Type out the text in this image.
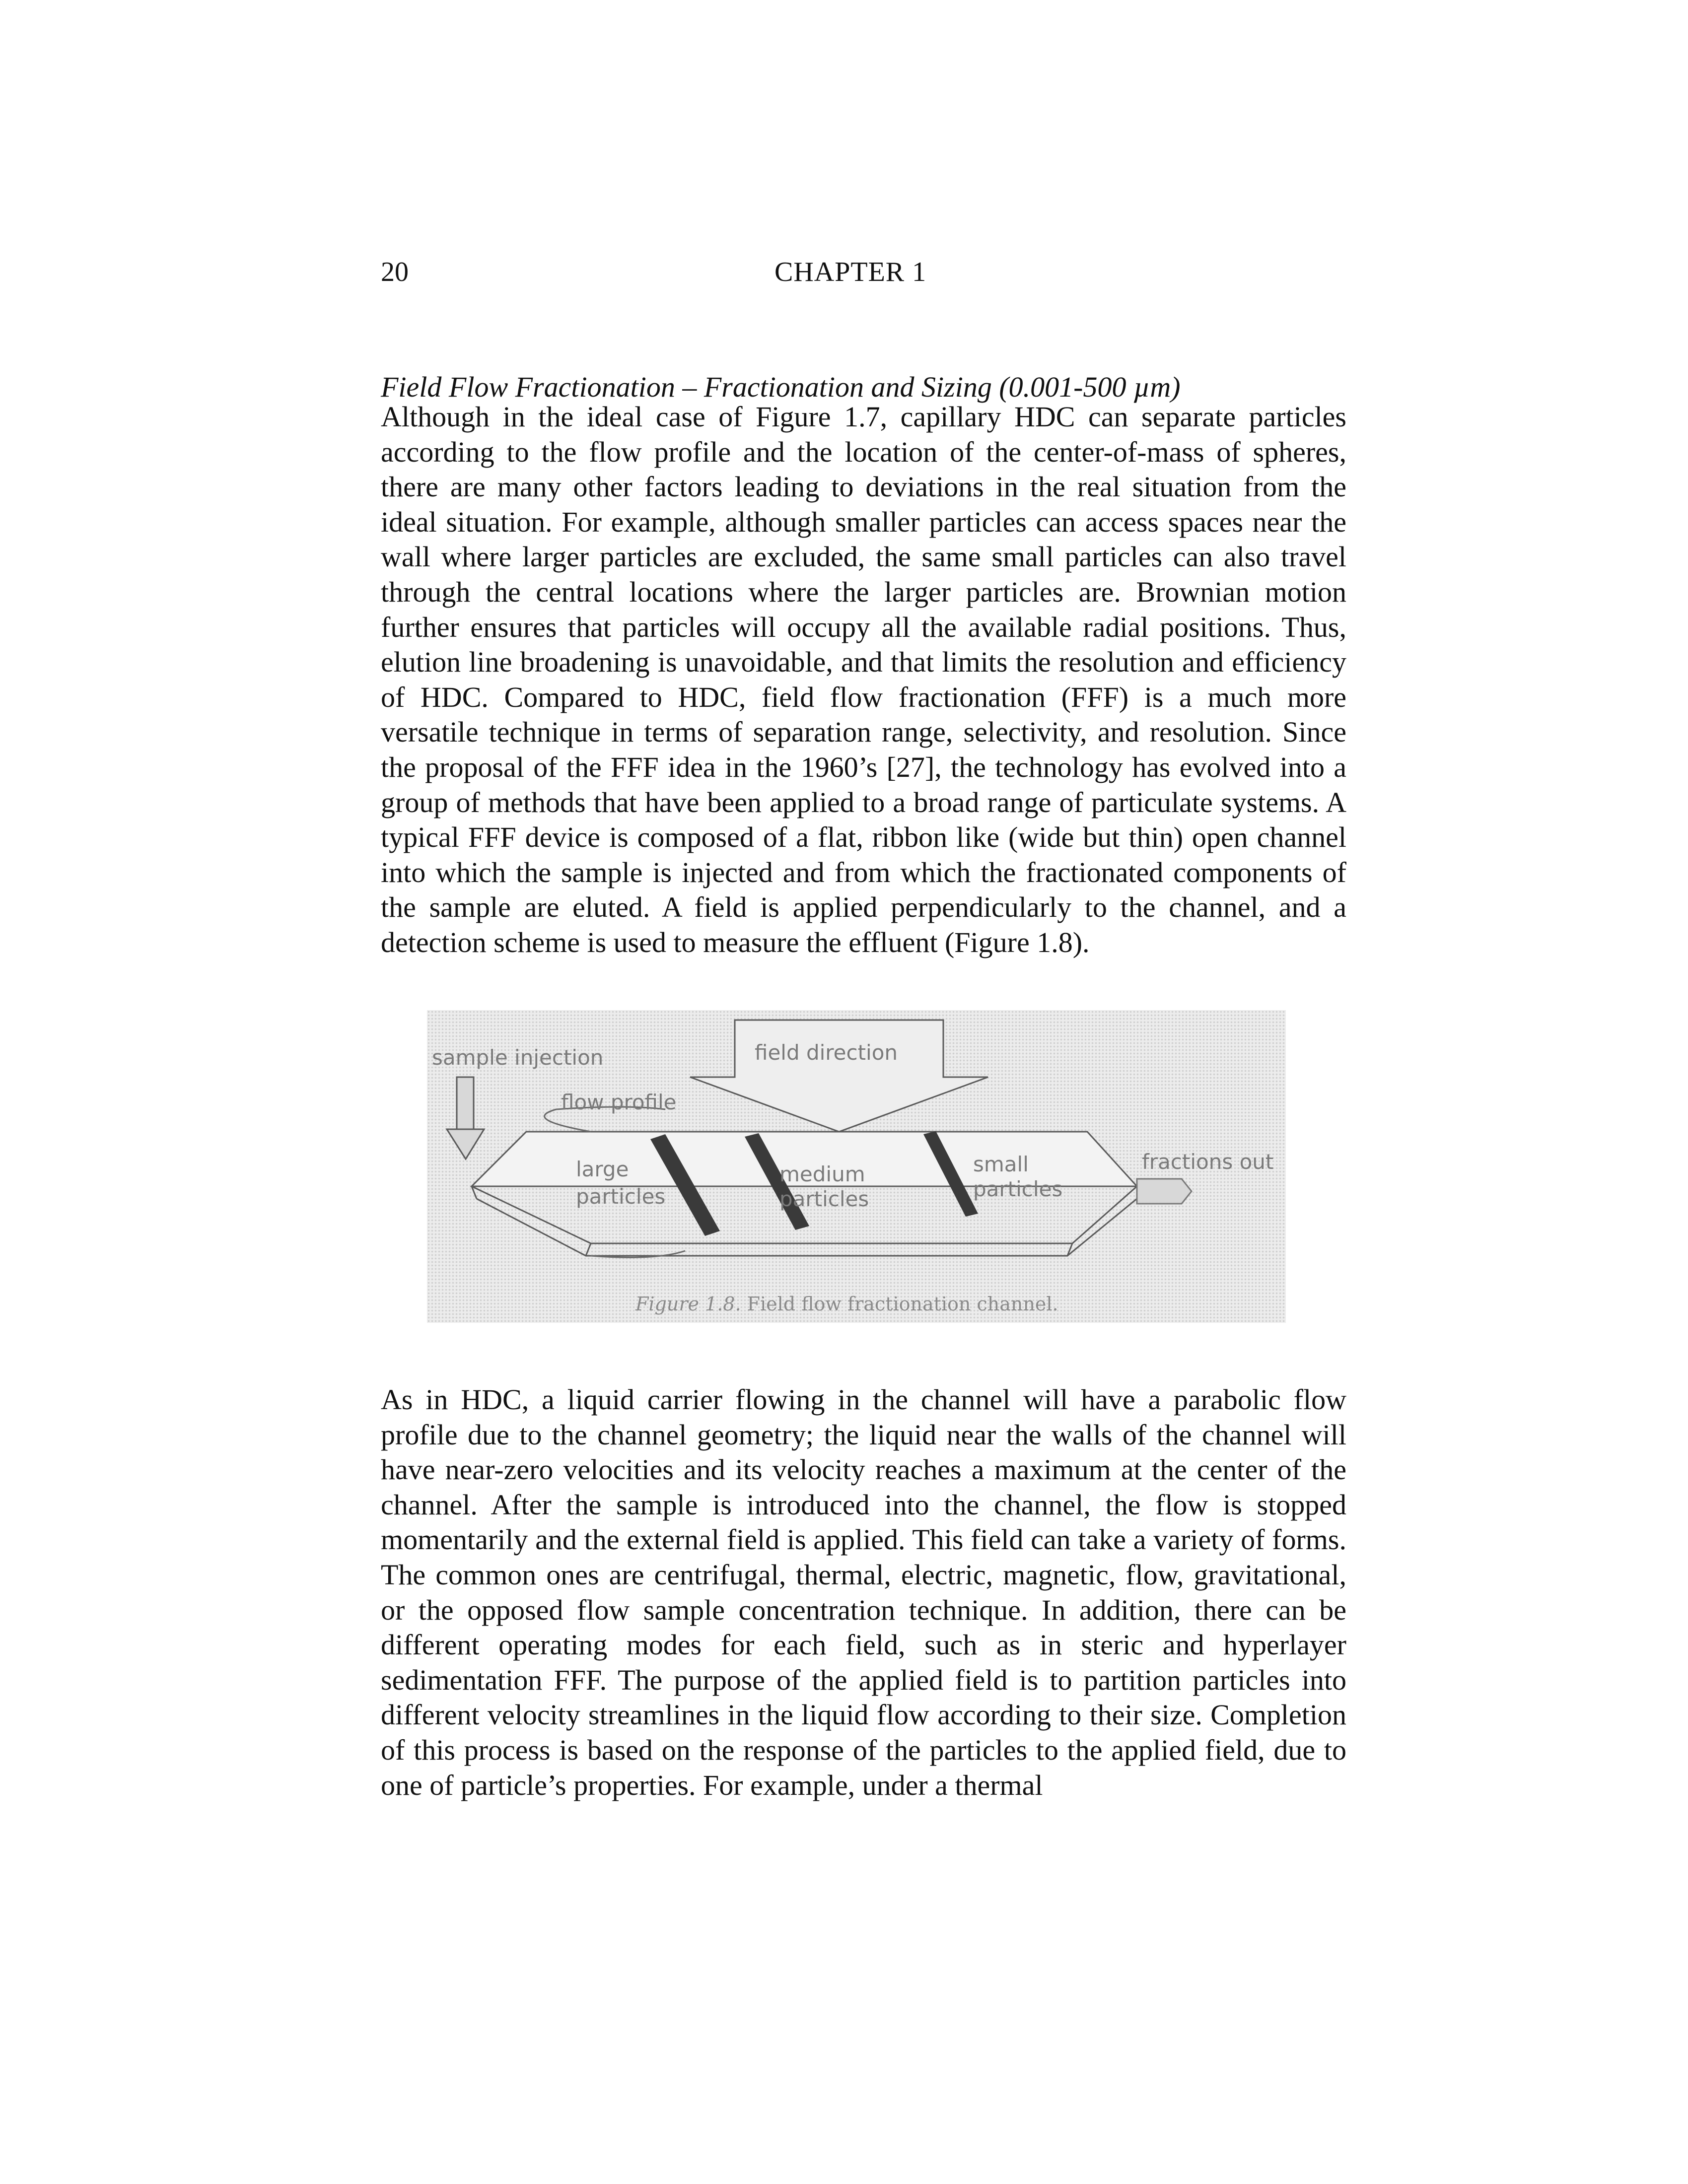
20	CHAPTER 1
Field Flow Fractionation – Fractionation and Sizing (0.001-500 µm)

Although in the ideal case of Figure 1.7, capillary HDC can separate particles according to the flow profile and the location of the center-of-mass of spheres, there are many other factors leading to deviations in the real situation from the ideal situation. For example, although smaller particles can access spaces near the wall where larger particles are excluded, the same small particles can also travel through the central locations where the larger particles are. Brownian motion further ensures that particles will occupy all the available radial positions. Thus, elution line broadening is unavoidable, and that limits the resolution and efficiency of HDC. Compared to HDC, field flow fractionation (FFF) is a much more versatile technique in terms of separation range, selectivity, and resolution. Since the proposal of the FFF idea in the 1960’s [27], the technology has evolved into a group of methods that have been applied to a broad range of particulate systems. A typical FFF device is composed of a flat, ribbon like (wide but thin) open channel into which the sample is injected and from which the fractionated components of the sample are eluted. A field is applied perpendicularly to the channel, and a detection scheme is used to measure the effluent (Figure 1.8).

sample injection	field direction
flow profile
large
particles
medium
particles
small
particles
fractions out
Figure 1.8. Field flow fractionation channel.

As in HDC, a liquid carrier flowing in the channel will have a parabolic flow profile due to the channel geometry; the liquid near the walls of the channel will have near-zero velocities and its velocity reaches a maximum at the center of the channel. After the sample is introduced into the channel, the flow is stopped momentarily and the external field is applied. This field can take a variety of forms. The common ones are centrifugal, thermal, electric, magnetic, flow, gravitational, or the opposed flow sample concentration technique. In addition, there can be different operating modes for each field, such as in steric and hyperlayer sedimentation FFF. The purpose of the applied field is to partition particles into different velocity streamlines in the liquid flow according to their size. Completion of this process is based on the response of the particles to the applied field, due to one of particle’s properties. For example, under a thermal
